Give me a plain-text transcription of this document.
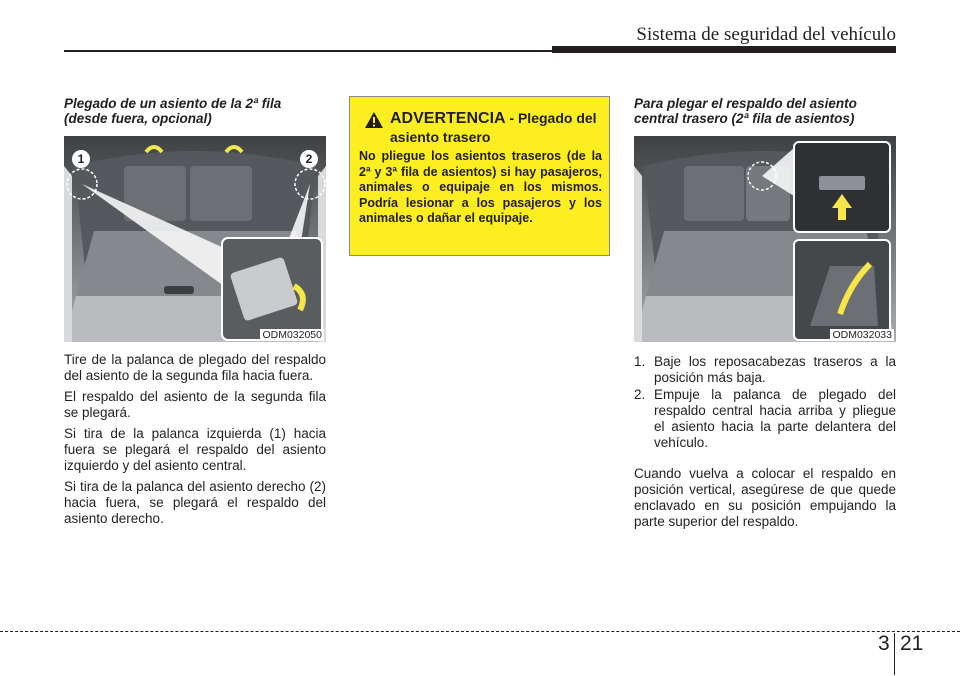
Sistema de seguridad del vehículo

Plegado de un asiento de la 2ª fila (desde fuera, opcional)

1	2
ODM032050

Tire de la palanca de plegado del respaldo del asiento de la segunda fila hacia fuera.

El respaldo del asiento de la segunda fila se plegará.

Si tira de la palanca izquierda (1) hacia fuera se plegará el respaldo del asiento izquierdo y del asiento central.

Si tira de la palanca del asiento derecho (2) hacia fuera, se plegará el respaldo del asiento derecho.

ADVERTENCIA - Plegado del asiento trasero
No pliegue los asientos traseros (de la 2ª y 3ª fila de asientos) si hay pasajeros, animales o equipaje en los mismos. Podría lesionar a los pasajeros y los animales o dañar el equipaje.

Para plegar el respaldo del asiento central trasero (2ª fila de asientos)

ODM032033
1. Baje los reposacabezas traseros a la posición más baja.
2. Empuje la palanca de plegado del respaldo central hacia arriba y pliegue el asiento hacia la parte delantera del vehículo.

Cuando vuelva a colocar el respaldo en posición vertical, asegúrese de que quede enclavado en su posición empujando la parte superior del respaldo.

3 21
